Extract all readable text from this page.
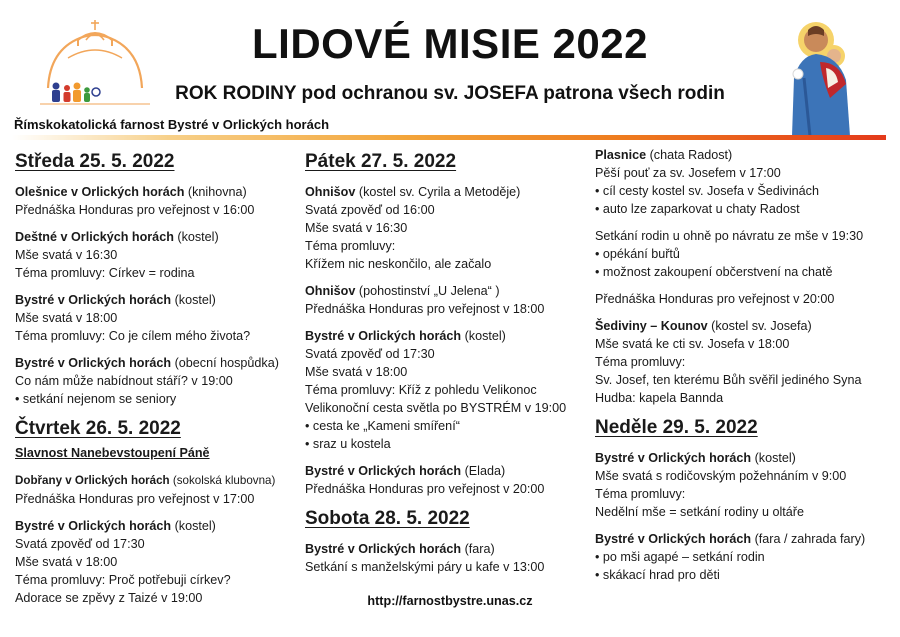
LIDOVÉ MISIE 2022
ROK RODINY pod ochranou sv. JOSEFA patrona všech rodin
Římskokatolická farnost Bystré v Orlických horách
Středa 25. 5. 2022
Olešnice v Orlických horách (knihovna)
Přednáška Honduras pro veřejnost v 16:00
Deštné v Orlických horách (kostel)
Mše svatá v 16:30
Téma promluvy: Církev = rodina
Bystré v Orlických horách (kostel)
Mše svatá v 18:00
Téma promluvy: Co je cílem mého života?
Bystré v Orlických horách (obecní hospůdka)
Co nám může nabídnout stáří? v 19:00
• setkání nejenom se seniory
Čtvrtek 26. 5. 2022
Slavnost Nanebevstoupení Páně
Dobřany v Orlických horách (sokolská klubovna)
Přednáška Honduras pro veřejnost v 17:00
Bystré v Orlických horách (kostel)
Svatá zpověď od 17:30
Mše svatá v 18:00
Téma promluvy: Proč potřebuji církev?
Adorace se zpěvy z Taizé v 19:00
Pátek 27. 5. 2022
Ohnišov (kostel sv. Cyrila a Metoděje)
Svatá zpověď od 16:00
Mše svatá v 16:30
Téma promluvy:
Křížem nic neskončilo, ale začalo
Ohnišov (pohostinství „U Jelena“ )
Přednáška Honduras pro veřejnost v 18:00
Bystré v Orlických horách (kostel)
Svatá zpověď od 17:30
Mše svatá v 18:00
Téma promluvy: Kříž z pohledu Velikonoc
Velikonoční cesta světla po BYSTRÉM v 19:00
• cesta ke „Kameni smíření“
• sraz u kostela
Bystré v Orlických horách (Elada)
Přednáška Honduras pro veřejnost v 20:00
Sobota 28. 5. 2022
Bystré v Orlických horách (fara)
Setkání s manželskými páry u kafe v 13:00
Plasnice (chata Radost)
Pěší pouť za sv. Josefem v 17:00
• cíl cesty kostel sv. Josefa v Šedivinách
• auto lze zaparkovat u chaty Radost
Setkání rodin u ohně po návratu ze mše v 19:30
• opékání buřtů
• možnost zakoupení občerstvení na chatě
Přednáška Honduras pro veřejnost v 20:00
Šediviny – Kounov (kostel sv. Josefa)
Mše svatá ke cti sv. Josefa v 18:00
Téma promluvy:
Sv. Josef, ten kterému Bůh svěřil jediného Syna
Hudba: kapela Bannda
Neděle 29. 5. 2022
Bystré v Orlických horách (kostel)
Mše svatá s rodičovským požehnáním v 9:00
Téma promluvy:
Nedělní mše = setkání rodiny u oltáře
Bystré v Orlických horách (fara / zahrada fary)
• po mši agapé – setkání rodin
• skákací hrad pro děti
http://farnostbystre.unas.cz
